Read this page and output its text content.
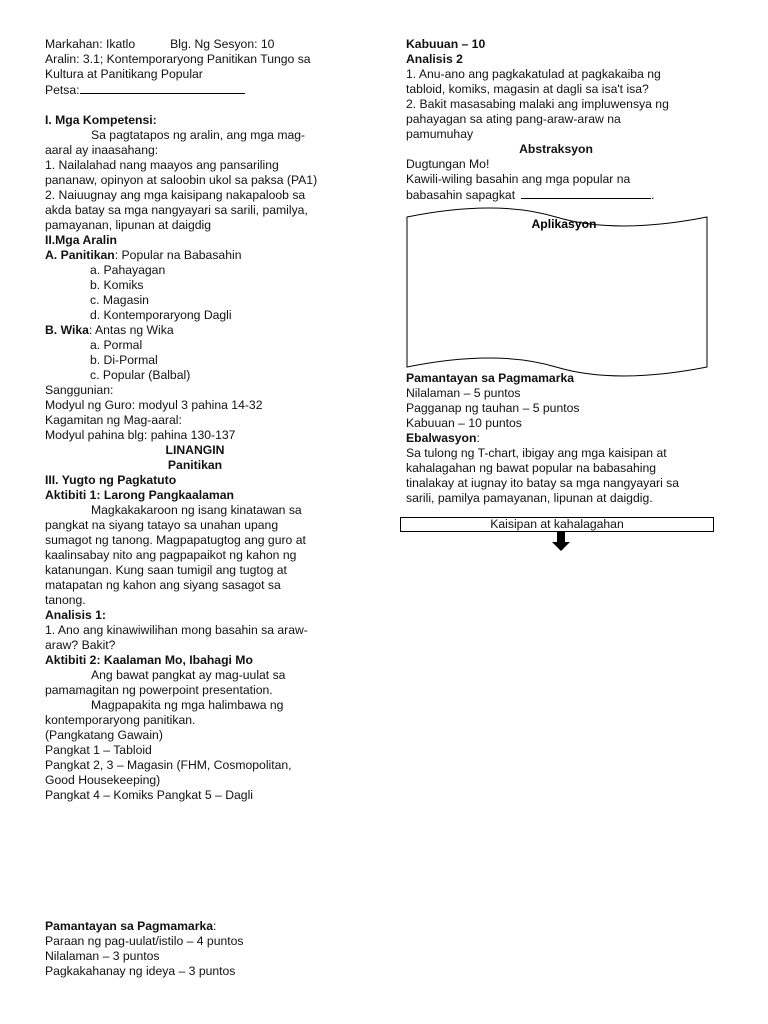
Markahan: Ikatlo	Blg. Ng Sesyon: 10
Aralin: 3.1; Kontemporaryong Panitikan Tungo sa
Kultura at Panitikang Popular
Petsa:
I. Mga Kompetensi:
Sa pagtatapos ng aralin, ang mga mag-
aaral ay inaasahang:
1. Nailalahad nang maayos ang pansariling
pananaw, opinyon at saloobin ukol sa paksa (PA1)
2. Naiuugnay ang mga kaisipang nakapaloob sa
akda batay sa mga nangyayari sa sarili, pamilya,
pamayanan, lipunan at daigdig
II.Mga Aralin
A. Panitikan: Popular na Babasahin
a. Pahayagan
b. Komiks
c. Magasin
d. Kontemporaryong Dagli
B. Wika: Antas ng Wika
a. Pormal
b. Di-Pormal
c. Popular (Balbal)
Sanggunian:
Modyul ng Guro: modyul 3 pahina 14-32
Kagamitan ng Mag-aaral:
Modyul pahina blg: pahina 130-137
LINANGIN
Panitikan
III. Yugto ng Pagkatuto
Aktibiti 1: Larong Pangkaalaman
Magkakakaroon ng isang kinatawan sa
pangkat na siyang tatayo sa unahan upang
sumagot ng tanong. Magpapatugtog ang guro at
kaalinsabay nito ang pagpapaikot ng kahon ng
katanungan. Kung saan tumigil ang tugtog at
matapatan ng kahon ang siyang sasagot sa
tanong.
Analisis 1:
1. Ano ang kinawiwilihan mong basahin sa araw-
araw? Bakit?
Aktibiti 2: Kaalaman Mo, Ibahagi Mo
Ang bawat pangkat ay mag-uulat sa
pamamagitan ng powerpoint presentation.
Magpapakita ng mga halimbawa ng
kontemporaryong panitikan.
(Pangkatang Gawain)
Pangkat 1 – Tabloid
Pangkat 2, 3 – Magasin (FHM, Cosmopolitan,
Good Housekeeping)
Pangkat 4 – Komiks Pangkat 5 – Dagli
Pamantayan sa Pagmamarka:
Paraan ng pag-uulat/istilo – 4 puntos
Nilalaman – 3 puntos
Pagkakahanay ng ideya – 3 puntos
Kabuuan – 10
Analisis 2
1. Anu-ano ang pagkakatulad at pagkakaiba ng
tabloid, komiks, magasin at dagli sa isa't isa?
2. Bakit masasabing malaki ang impluwensya ng
pahayagan sa ating pang-araw-araw na
pamumuhay
Abstraksyon
Dugtungan Mo!
Kawili-wiling basahin ang mga popular na
babasahin sapagkat	.
Aplikasyon
Pamantayan sa Pagmamarka
Nilalaman – 5 puntos
Pagganap ng tauhan – 5 puntos
Kabuuan – 10 puntos
Ebalwasyon:
Sa tulong ng T-chart, ibigay ang mga kaisipan at
kahalagahan ng bawat popular na babasahing
tinalakay at iugnay ito batay sa mga nangyayari sa
sarili, pamilya pamayanan, lipunan at daigdig.
Kaisipan at kahalagahan
